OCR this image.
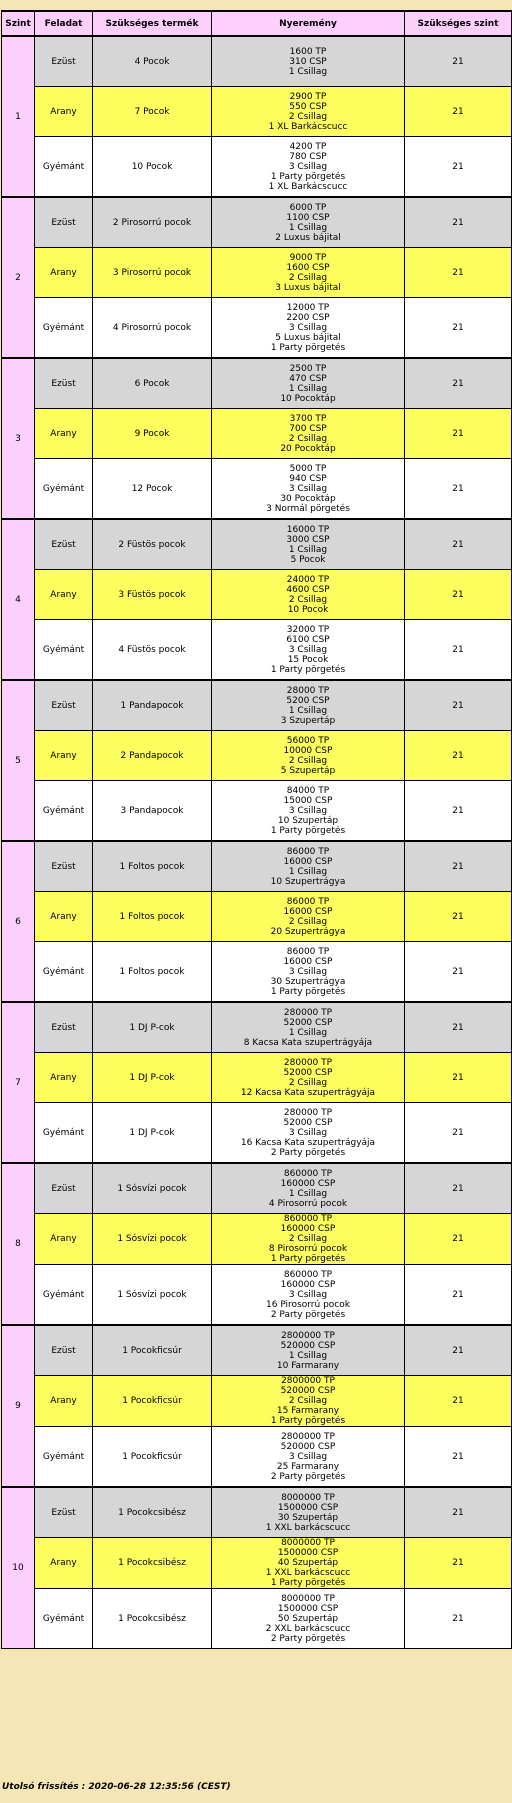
Szint	Feladat	Szükséges termék	Nyeremény	Szükséges szint
1	Ezüst	4 Pocok	1600 TP
310 CSP
1 Csillag	21
	Arany	7 Pocok	2900 TP
550 CSP
2 Csillag
1 XL Barkácscucc	21
	Gyémánt	10 Pocok	4200 TP
780 CSP
3 Csillag
1 Party pörgetés
1 XL Barkácscucc	21
2	Ezüst	2 Pirosorrú pocok	6000 TP
1100 CSP
1 Csillag
2 Luxus bájital	21
	Arany	3 Pirosorrú pocok	9000 TP
1600 CSP
2 Csillag
3 Luxus bájital	21
	Gyémánt	4 Pirosorrú pocok	12000 TP
2200 CSP
3 Csillag
5 Luxus bájital
1 Party pörgetés	21
3	Ezüst	6 Pocok	2500 TP
470 CSP
1 Csillag
10 Pocoktáp	21
	Arany	9 Pocok	3700 TP
700 CSP
2 Csillag
20 Pocoktáp	21
	Gyémánt	12 Pocok	5000 TP
940 CSP
3 Csillag
30 Pocoktáp
3 Normál pörgetés	21
4	Ezüst	2 Füstös pocok	16000 TP
3000 CSP
1 Csillag
5 Pocok	21
	Arany	3 Füstös pocok	24000 TP
4600 CSP
2 Csillag
10 Pocok	21
	Gyémánt	4 Füstös pocok	32000 TP
6100 CSP
3 Csillag
15 Pocok
1 Party pörgetés	21
5	Ezüst	1 Pandapocok	28000 TP
5200 CSP
1 Csillag
3 Szupertáp	21
	Arany	2 Pandapocok	56000 TP
10000 CSP
2 Csillag
5 Szupertáp	21
	Gyémánt	3 Pandapocok	84000 TP
15000 CSP
3 Csillag
10 Szupertáp
1 Party pörgetés	21
6	Ezüst	1 Foltos pocok	86000 TP
16000 CSP
1 Csillag
10 Szupertrágya	21
	Arany	1 Foltos pocok	86000 TP
16000 CSP
2 Csillag
20 Szupertrágya	21
	Gyémánt	1 Foltos pocok	86000 TP
16000 CSP
3 Csillag
30 Szupertrágya
1 Party pörgetés	21
7	Ezüst	1 DJ P-cok	280000 TP
52000 CSP
1 Csillag
8 Kacsa Kata szupertrágyája	21
	Arany	1 DJ P-cok	280000 TP
52000 CSP
2 Csillag
12 Kacsa Kata szupertrágyája	21
	Gyémánt	1 DJ P-cok	280000 TP
52000 CSP
3 Csillag
16 Kacsa Kata szupertrágyája
2 Party pörgetés	21
8	Ezüst	1 Sósvízi pocok	860000 TP
160000 CSP
1 Csillag
4 Pirosorrú pocok	21
	Arany	1 Sósvízi pocok	860000 TP
160000 CSP
2 Csillag
8 Pirosorrú pocok
1 Party pörgetés	21
	Gyémánt	1 Sósvízi pocok	860000 TP
160000 CSP
3 Csillag
16 Pirosorrú pocok
2 Party pörgetés	21
9	Ezüst	1 Pocokficsúr	2800000 TP
520000 CSP
1 Csillag
10 Farmarany	21
	Arany	1 Pocokficsúr	2800000 TP
520000 CSP
2 Csillag
15 Farmarany
1 Party pörgetés	21
	Gyémánt	1 Pocokficsúr	2800000 TP
520000 CSP
3 Csillag
25 Farmarany
2 Party pörgetés	21
10	Ezüst	1 Pocokcsibész	8000000 TP
1500000 CSP
30 Szupertáp
1 XXL barkácscucc	21
	Arany	1 Pocokcsibész	8000000 TP
1500000 CSP
40 Szupertáp
1 XXL barkácscucc
1 Party pörgetés	21
	Gyémánt	1 Pocokcsibész	8000000 TP
1500000 CSP
50 Szupertáp
2 XXL barkácscucc
2 Party pörgetés	21
Utolsó frissítés : 2020-06-28 12:35:56 (CEST)
